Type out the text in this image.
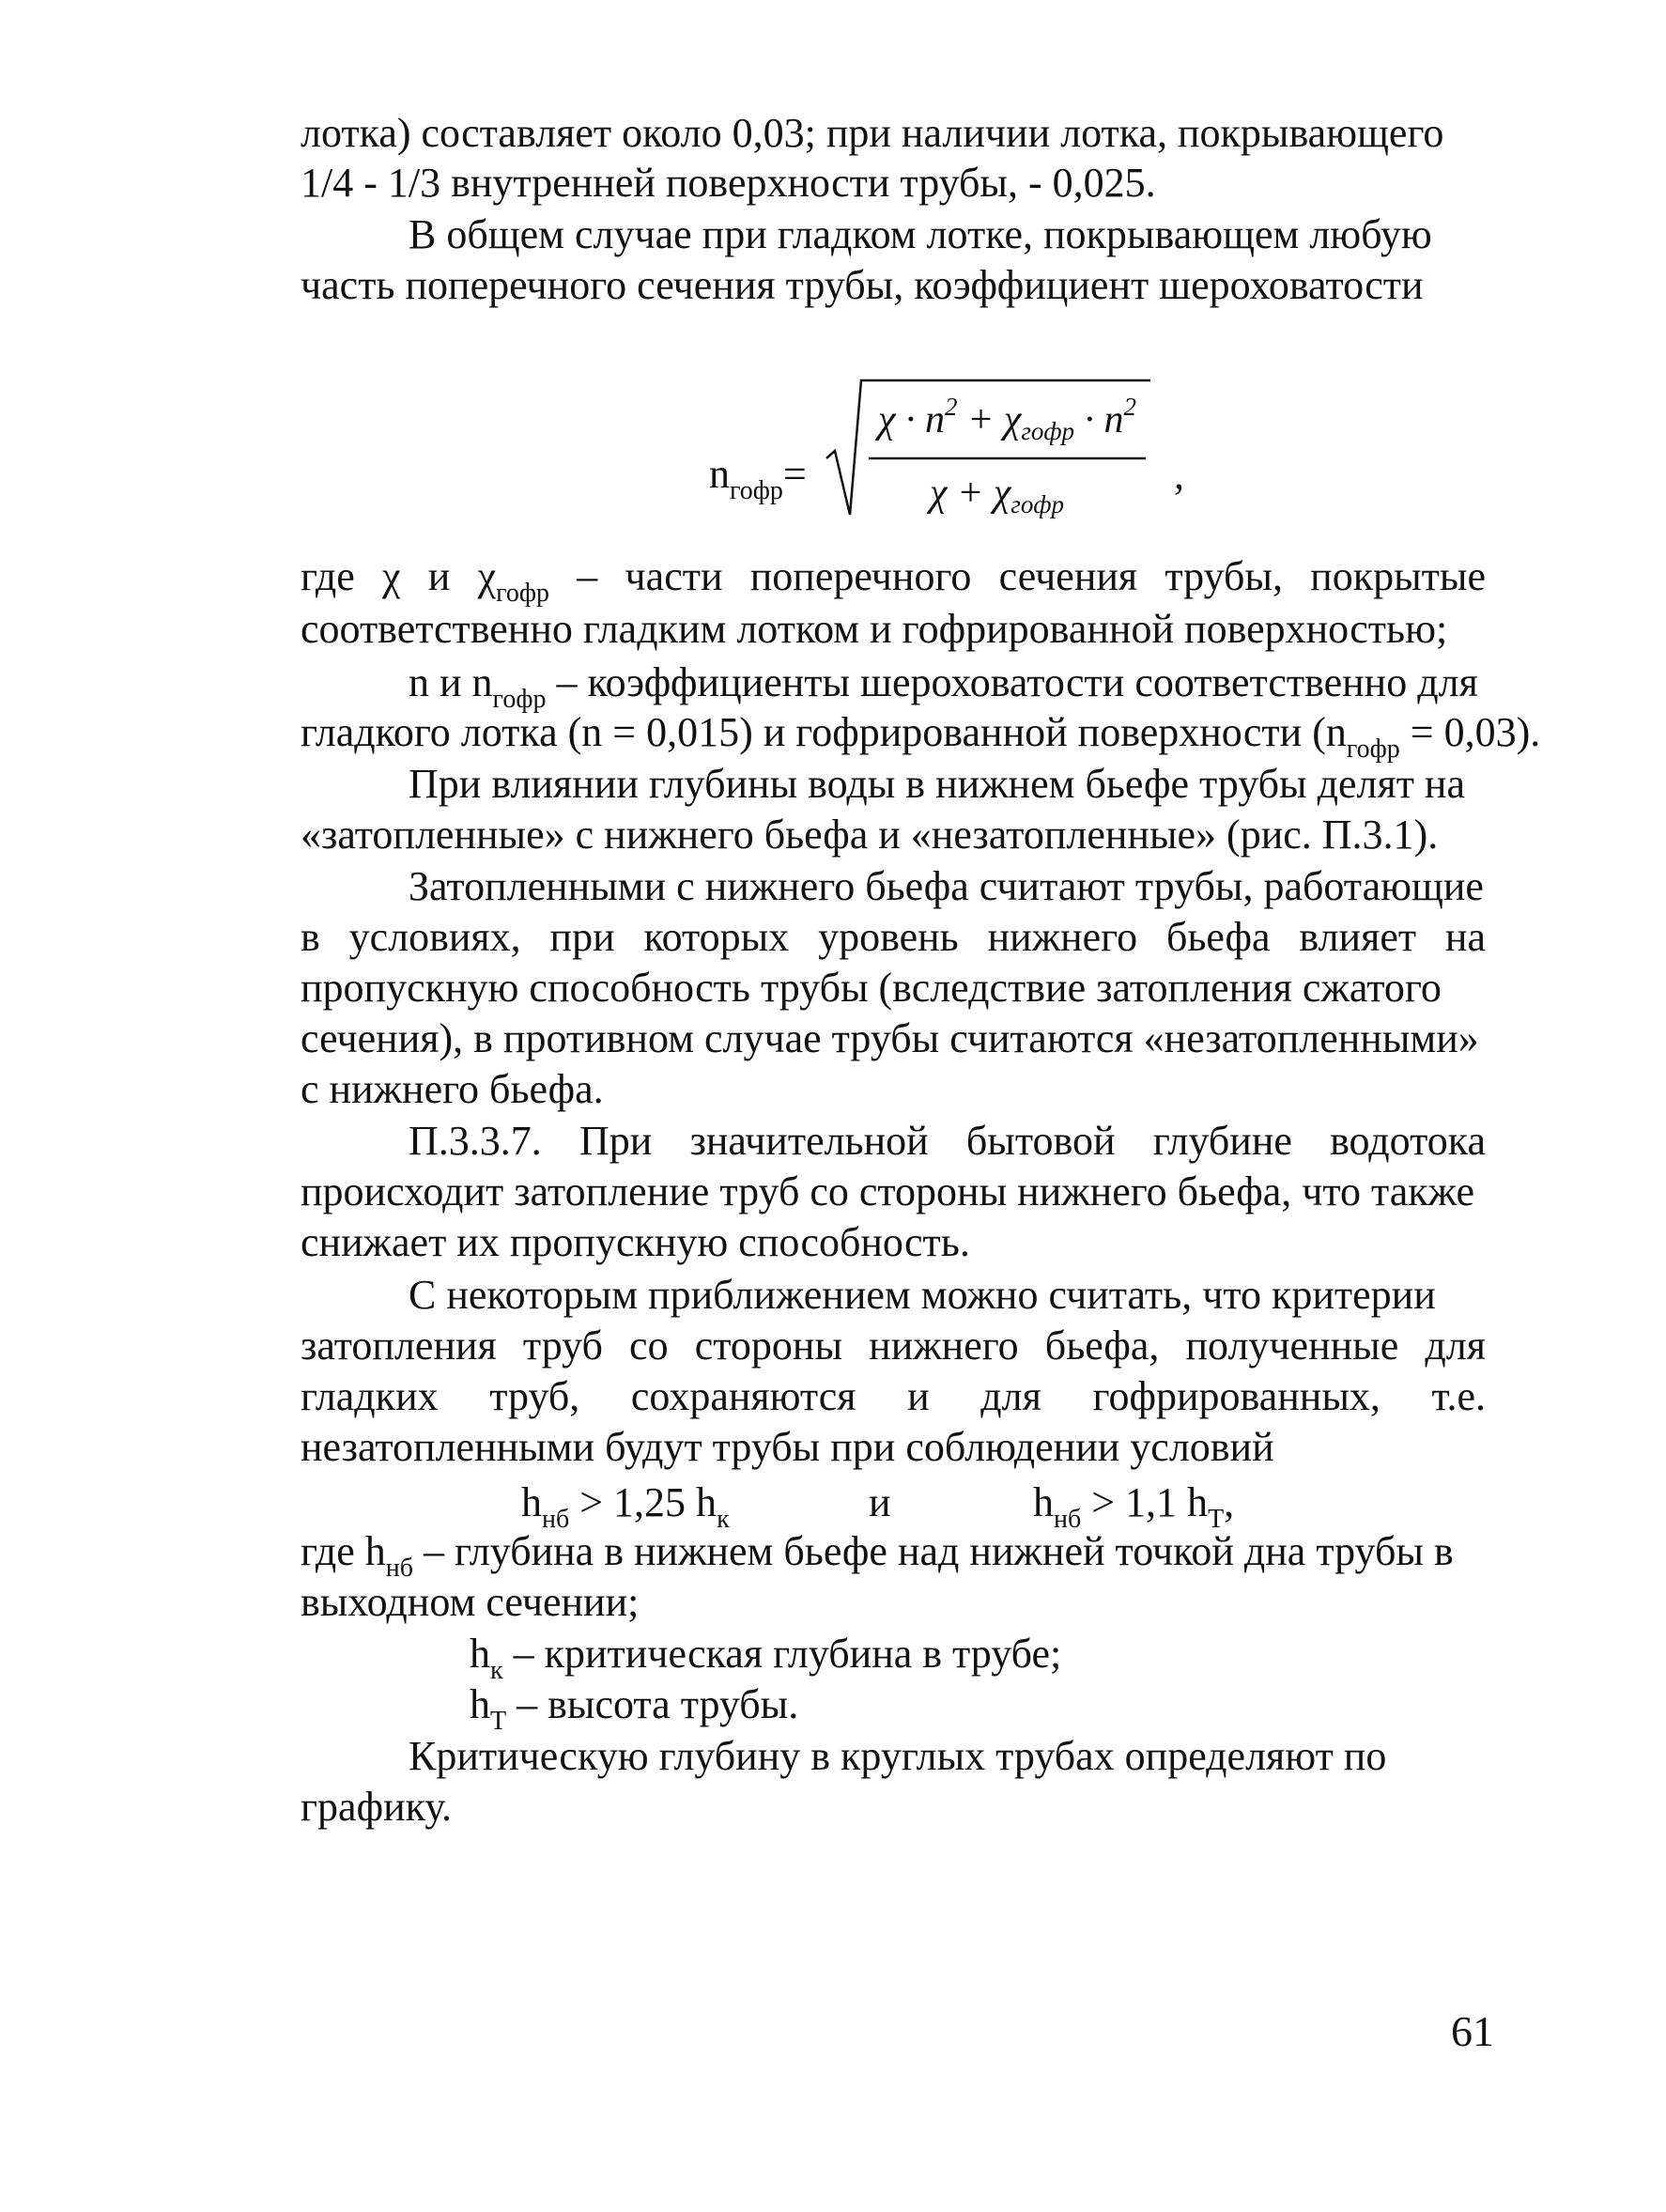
лотка) составляет около 0,03; при наличии лотка, покрывающего
1/4 - 1/3 внутренней поверхности трубы, - 0,025.
В общем случае при гладком лотке, покрывающем любую
часть поперечного сечения трубы, коэффициент шероховатости
$n_{гофр}=$
$\chi \cdot n^2 + \chi_{гофр} \cdot n^2$
$\chi + \chi_{гофр}$
,
где χ и $\chi_{гофр}$ – части поперечного сечения трубы, покрытые
соответственно гладким лотком и гофрированной поверхностью;
n и $n_{гофр}$ – коэффициенты шероховатости соответственно для
гладкого лотка (n = 0,015) и гофрированной поверхности $(n_{гофр} = 0,03)$.
При влиянии глубины воды в нижнем бьефе трубы делят на
«затопленные» с нижнего бьефа и «незатопленные» (рис. П.3.1).
Затопленными с нижнего бьефа считают трубы, работающие
в условиях, при которых уровень нижнего бьефа влияет на
пропускную способность трубы (вследствие затопления сжатого
сечения), в противном случае трубы считаются «незатопленными»
с нижнего бьефа.
П.3.3.7. При значительной бытовой глубине водотока
происходит затопление труб со стороны нижнего бьефа, что также
снижает их пропускную способность.
С некоторым приближением можно считать, что критерии
затопления труб со стороны нижнего бьефа, полученные для
гладких труб, сохраняются и для гофрированных, т.е.
незатопленными будут трубы при соблюдении условий
$h_{нб} > 1,25$ $h_к$	и	$h_{нб} > 1,1$ $h_Т$,
где $h_{нб}$ – глубина в нижнем бьефе над нижней точкой дна трубы в
выходном сечении;
$h_к$ – критическая глубина в трубе;
$h_Т$ – высота трубы.
Критическую глубину в круглых трубах определяют по
графику.
61
